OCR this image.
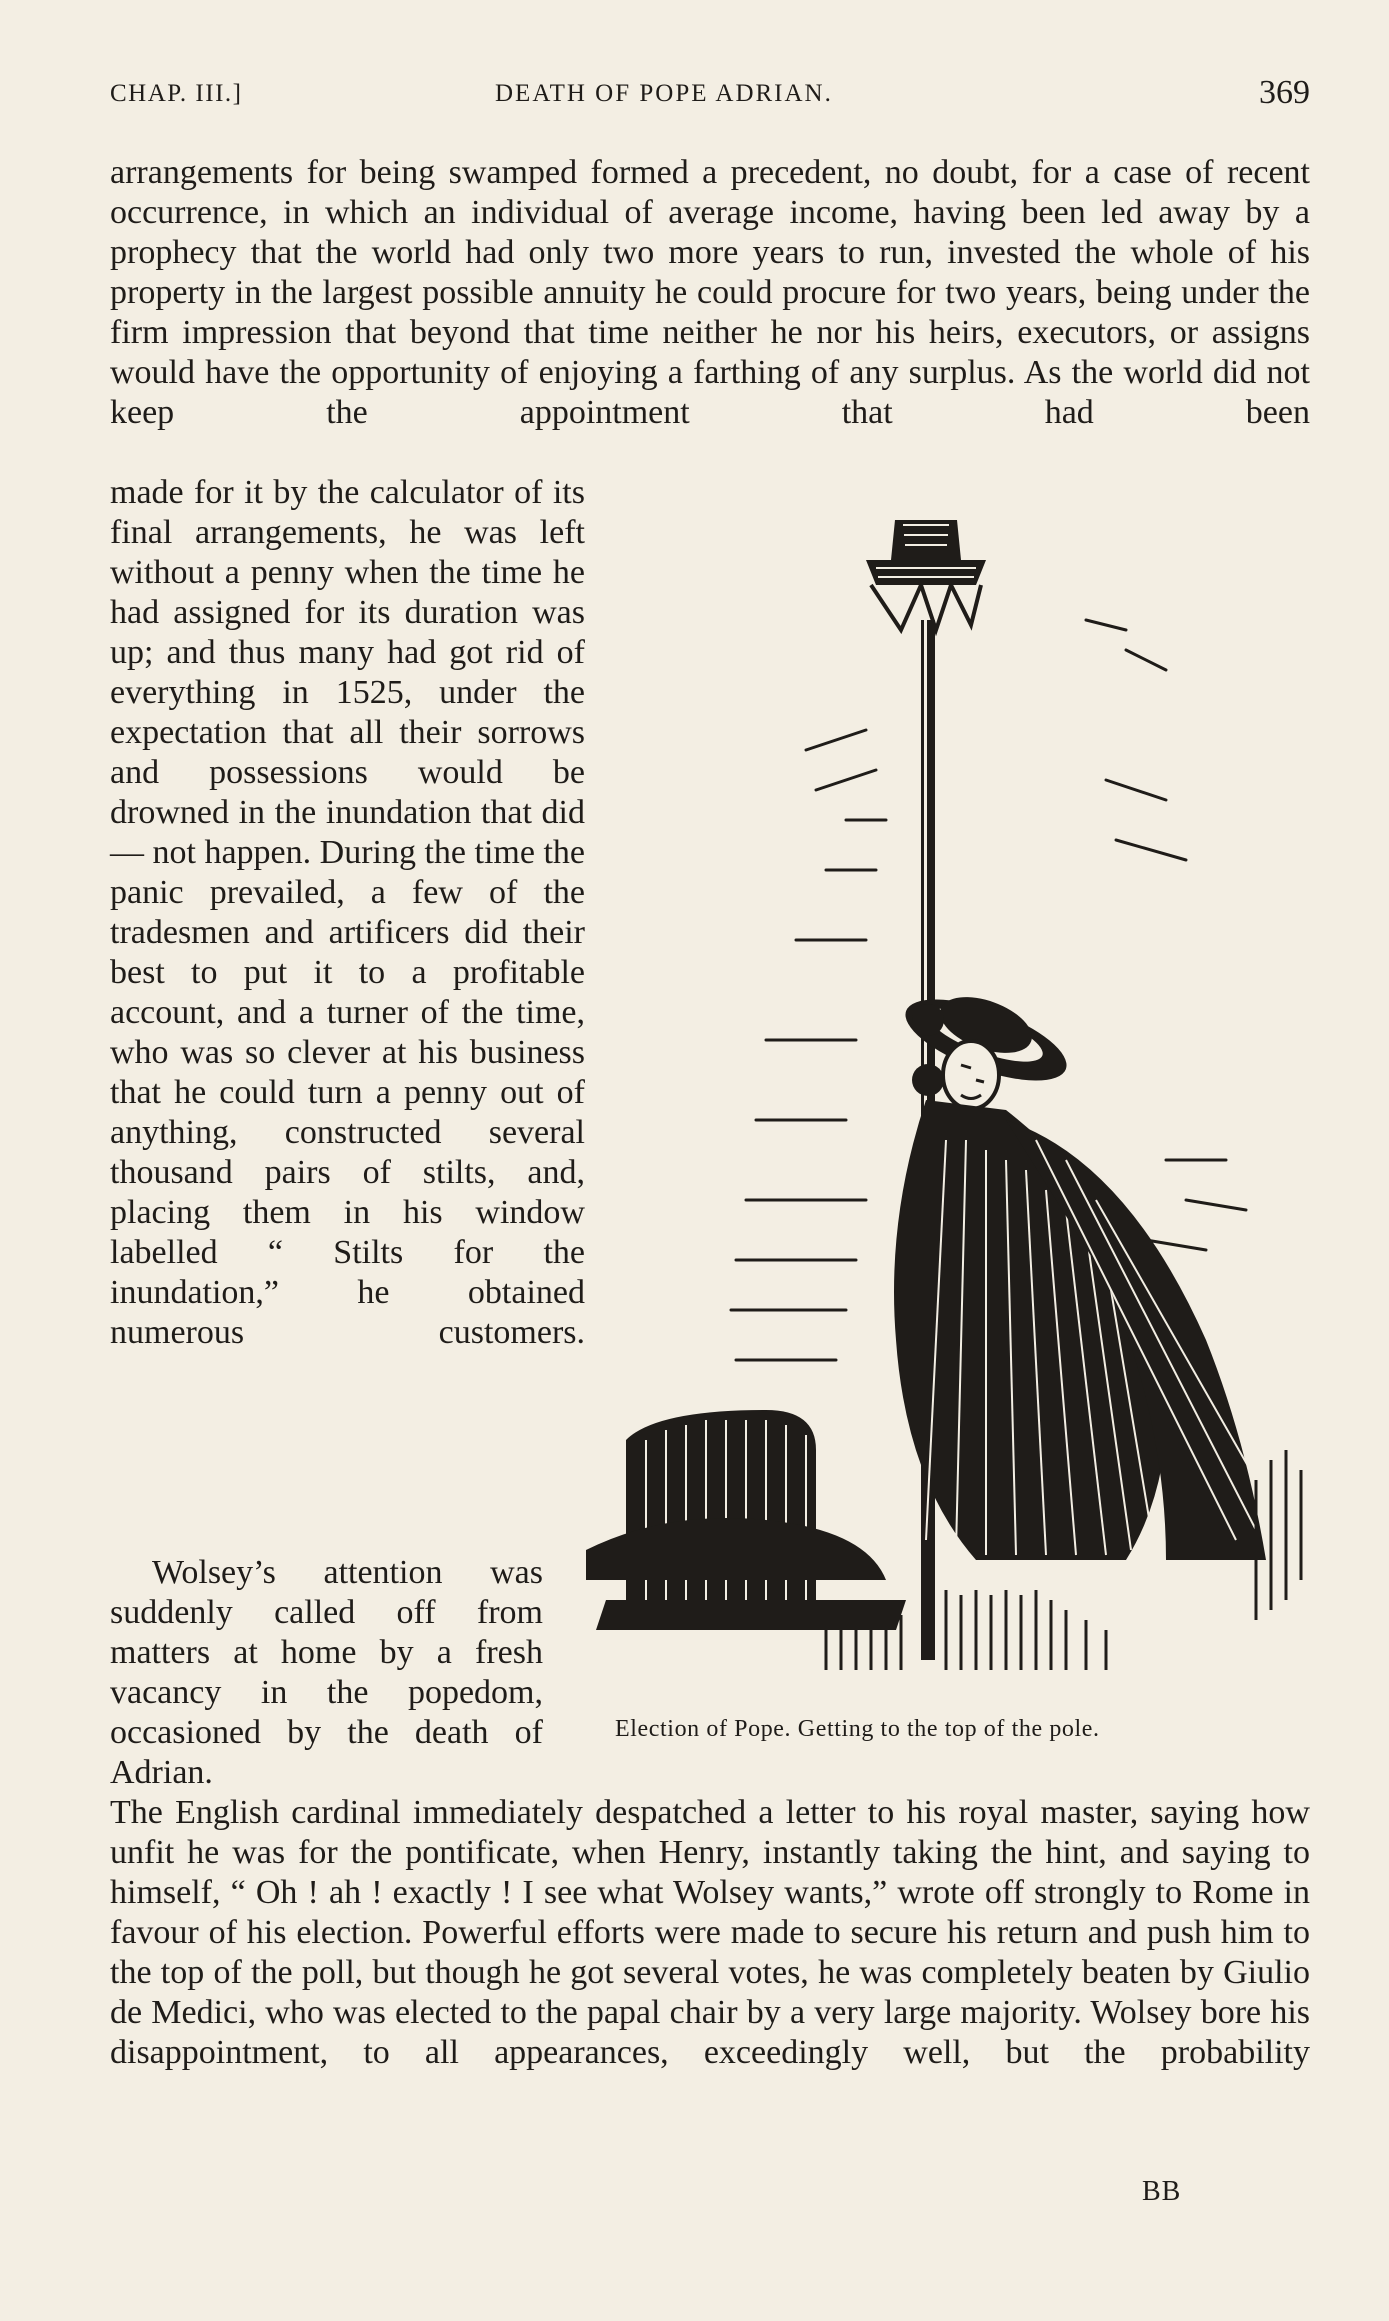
CHAP. III.]	DEATH OF POPE ADRIAN.	369

arrangements for being swamped formed a precedent, no doubt, for a case of recent occurrence, in which an individual of average income, having been led away by a prophecy that the world had only two more years to run, invested the whole of his property in the largest possible annuity he could procure for two years, being under the firm impression that beyond that time neither he nor his heirs, executors, or assigns would have the opportunity of enjoying a farthing of any surplus. As the world did not keep the appointment that had been

made for it by the calculator of its final arrangements, he was left without a penny when the time he had assigned for its duration was up; and thus many had got rid of everything in 1525, under the expectation that all their sorrows and possessions would be drowned in the inundation that did — not happen. During the time the panic prevailed, a few of the tradesmen and artificers did their best to put it to a profitable account, and a turner of the time, who was so clever at his business that he could turn a penny out of anything, constructed several thousand pairs of stilts, and, placing them in his window labelled “ Stilts for the inundation,” he obtained numerous customers.

Wolsey’s attention was suddenly called off from matters at home by a fresh vacancy in the popedom, occasioned by the death of Adrian.

The English cardinal immediately despatched a letter to his royal master, saying how unfit he was for the pontificate, when Henry, instantly taking the hint, and saying to himself, “ Oh ! ah ! exactly ! I see what Wolsey wants,” wrote off strongly to Rome in favour of his election. Powerful efforts were made to secure his return and push him to the top of the poll, but though he got several votes, he was completely beaten by Giulio de Medici, who was elected to the papal chair by a very large majority. Wolsey bore his disappointment, to all appearances, exceedingly well, but the probability

Election of Pope. Getting to the top of the pole.
BB
